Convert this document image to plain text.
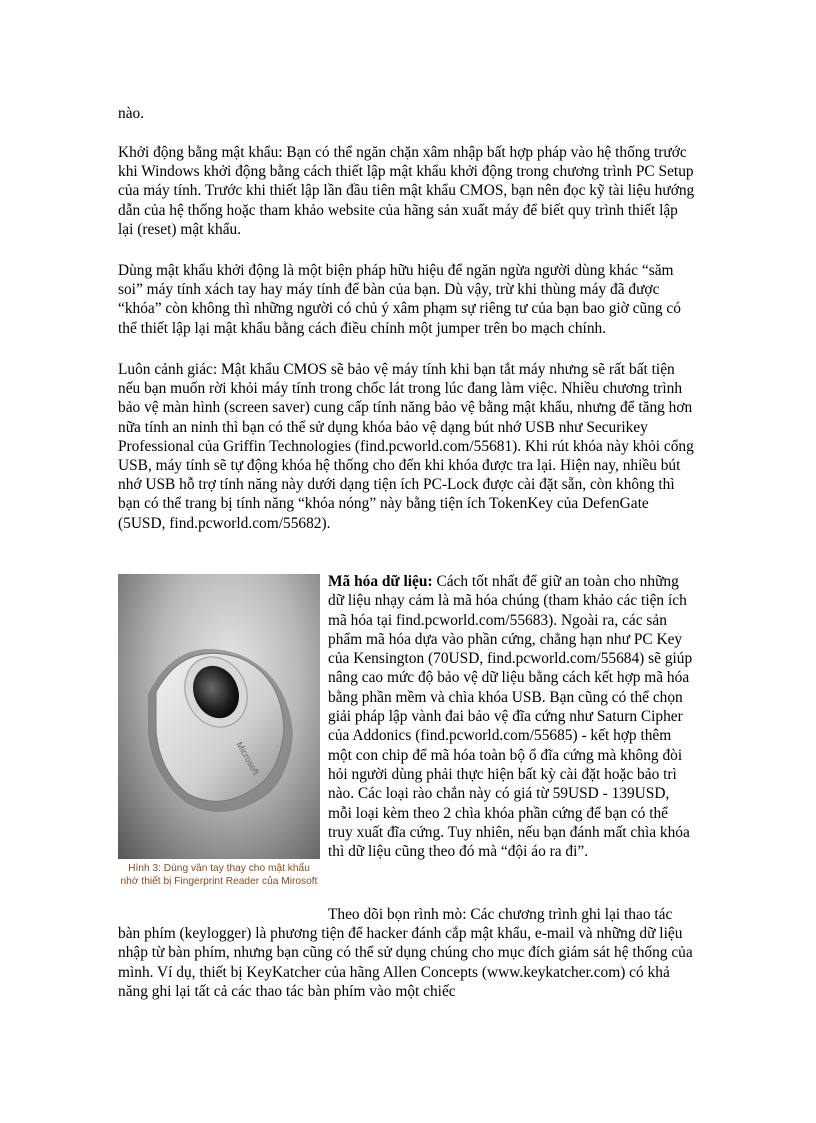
nào.

Khởi động bằng mật khẩu: Bạn có thể ngăn chặn xâm nhập bất hợp pháp vào hệ thống trước khi Windows khởi động bằng cách thiết lập mật khẩu khởi động trong chương trình PC Setup của máy tính. Trước khi thiết lập lần đầu tiên mật khẩu CMOS, bạn nên đọc kỹ tài liệu hướng dẫn của hệ thống hoặc tham khảo website của hãng sản xuất máy để biết quy trình thiết lập lại (reset) mật khẩu.

Dùng mật khẩu khởi động là một biện pháp hữu hiệu để ngăn ngừa người dùng khác “săm soi” máy tính xách tay hay máy tính để bàn của bạn. Dù vậy, trừ khi thùng máy đã được “khóa” còn không thì những người có chủ ý xâm phạm sự riêng tư của bạn bao giờ cũng có thể thiết lập lại mật khẩu bằng cách điều chỉnh một jumper trên bo mạch chính.

Luôn cảnh giác: Mật khẩu CMOS sẽ bảo vệ máy tính khi bạn tắt máy nhưng sẽ rất bất tiện nếu bạn muốn rời khỏi máy tính trong chốc lát trong lúc đang làm việc. Nhiều chương trình bảo vệ màn hình (screen saver) cung cấp tính năng bảo vệ bằng mật khẩu, nhưng để tăng hơn nữa tính an ninh thì bạn có thể sử dụng khóa bảo vệ dạng bút nhớ USB như Securikey Professional của Griffin Technologies (find.pcworld.com/55681). Khi rút khóa này khỏi cổng USB, máy tính sẽ tự động khóa hệ thống cho đến khi khóa được tra lại. Hiện nay, nhiều bút nhớ USB hỗ trợ tính năng này dưới dạng tiện ích PC-Lock được cài đặt sẵn, còn không thì bạn có thể trang bị tính năng “khóa nóng” này bằng tiện ích TokenKey của DefenGate (5USD, find.pcworld.com/55682).

Microsoft
Hình 3: Dùng vân tay thay cho mật khẩu nhờ thiết bị Fingerprint Reader của Mirosoft

Mã hóa dữ liệu: Cách tốt nhất để giữ an toàn cho những dữ liệu nhạy cảm là mã hóa chúng (tham khảo các tiện ích mã hóa tại find.pcworld.com/55683). Ngoài ra, các sản phẩm mã hóa dựa vào phần cứng, chẳng hạn như PC Key của Kensington (70USD, find.pcworld.com/55684) sẽ giúp nâng cao mức độ bảo vệ dữ liệu bằng cách kết hợp mã hóa bằng phần mềm và chìa khóa USB. Bạn cũng có thể chọn giải pháp lập vành đai bảo vệ đĩa cứng như Saturn Cipher của Addonics (find.pcworld.com/55685) - kết hợp thêm một con chip để mã hóa toàn bộ ổ đĩa cứng mà không đòi hỏi người dùng phải thực hiện bất kỳ cài đặt hoặc bảo trì nào. Các loại rào chắn này có giá từ 59USD - 139USD, mỗi loại kèm theo 2 chìa khóa phần cứng để bạn có thể truy xuất đĩa cứng. Tuy nhiên, nếu bạn đánh mất chìa khóa thì dữ liệu cũng theo đó mà “đội áo ra đi”.

Theo dõi bọn rình mò: Các chương trình ghi lại thao tác

bàn phím (keylogger) là phương tiện để hacker đánh cắp mật khẩu, e-mail và những dữ liệu nhập từ bàn phím, nhưng bạn cũng có thể sử dụng chúng cho mục đích giám sát hệ thống của mình. Ví dụ, thiết bị KeyKatcher của hãng Allen Concepts (www.keykatcher.com) có khả năng ghi lại tất cả các thao tác bàn phím vào một chiếc
